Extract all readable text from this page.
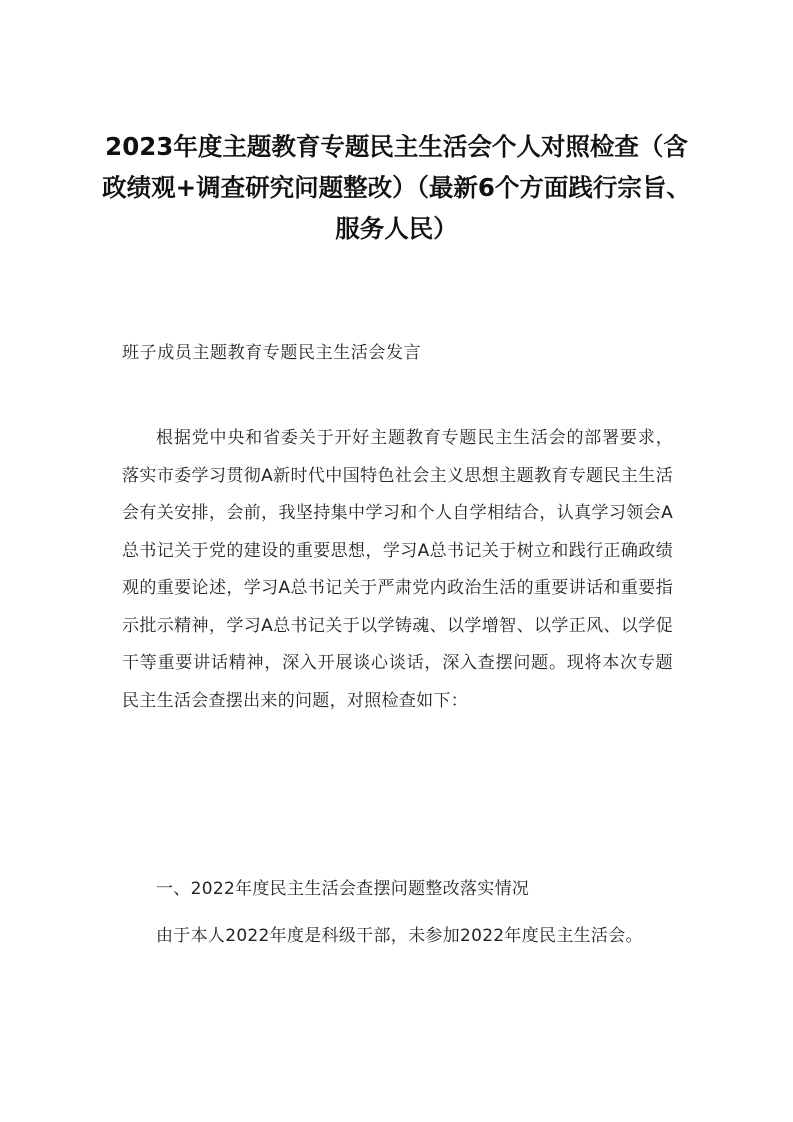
2023年度主题教育专题民主生活会个人对照检查（含政绩观+调查研究问题整改）（最新6个方面践行宗旨、服务人民）

班子成员主题教育专题民主生活会发言

根据党中央和省委关于开好主题教育专题民主生活会的部署要求，落实市委学习贯彻A新时代中国特色社会主义思想主题教育专题民主生活会有关安排，会前，我坚持集中学习和个人自学相结合，认真学习领会A总书记关于党的建设的重要思想，学习A总书记关于树立和践行正确政绩观的重要论述，学习A总书记关于严肃党内政治生活的重要讲话和重要指示批示精神，学习A总书记关于以学铸魂、以学增智、以学正风、以学促干等重要讲话精神，深入开展谈心谈话，深入查摆问题。现将本次专题民主生活会查摆出来的问题，对照检查如下：

一、2022年度民主生活会查摆问题整改落实情况

由于本人2022年度是科级干部，未参加2022年度民主生活会。
